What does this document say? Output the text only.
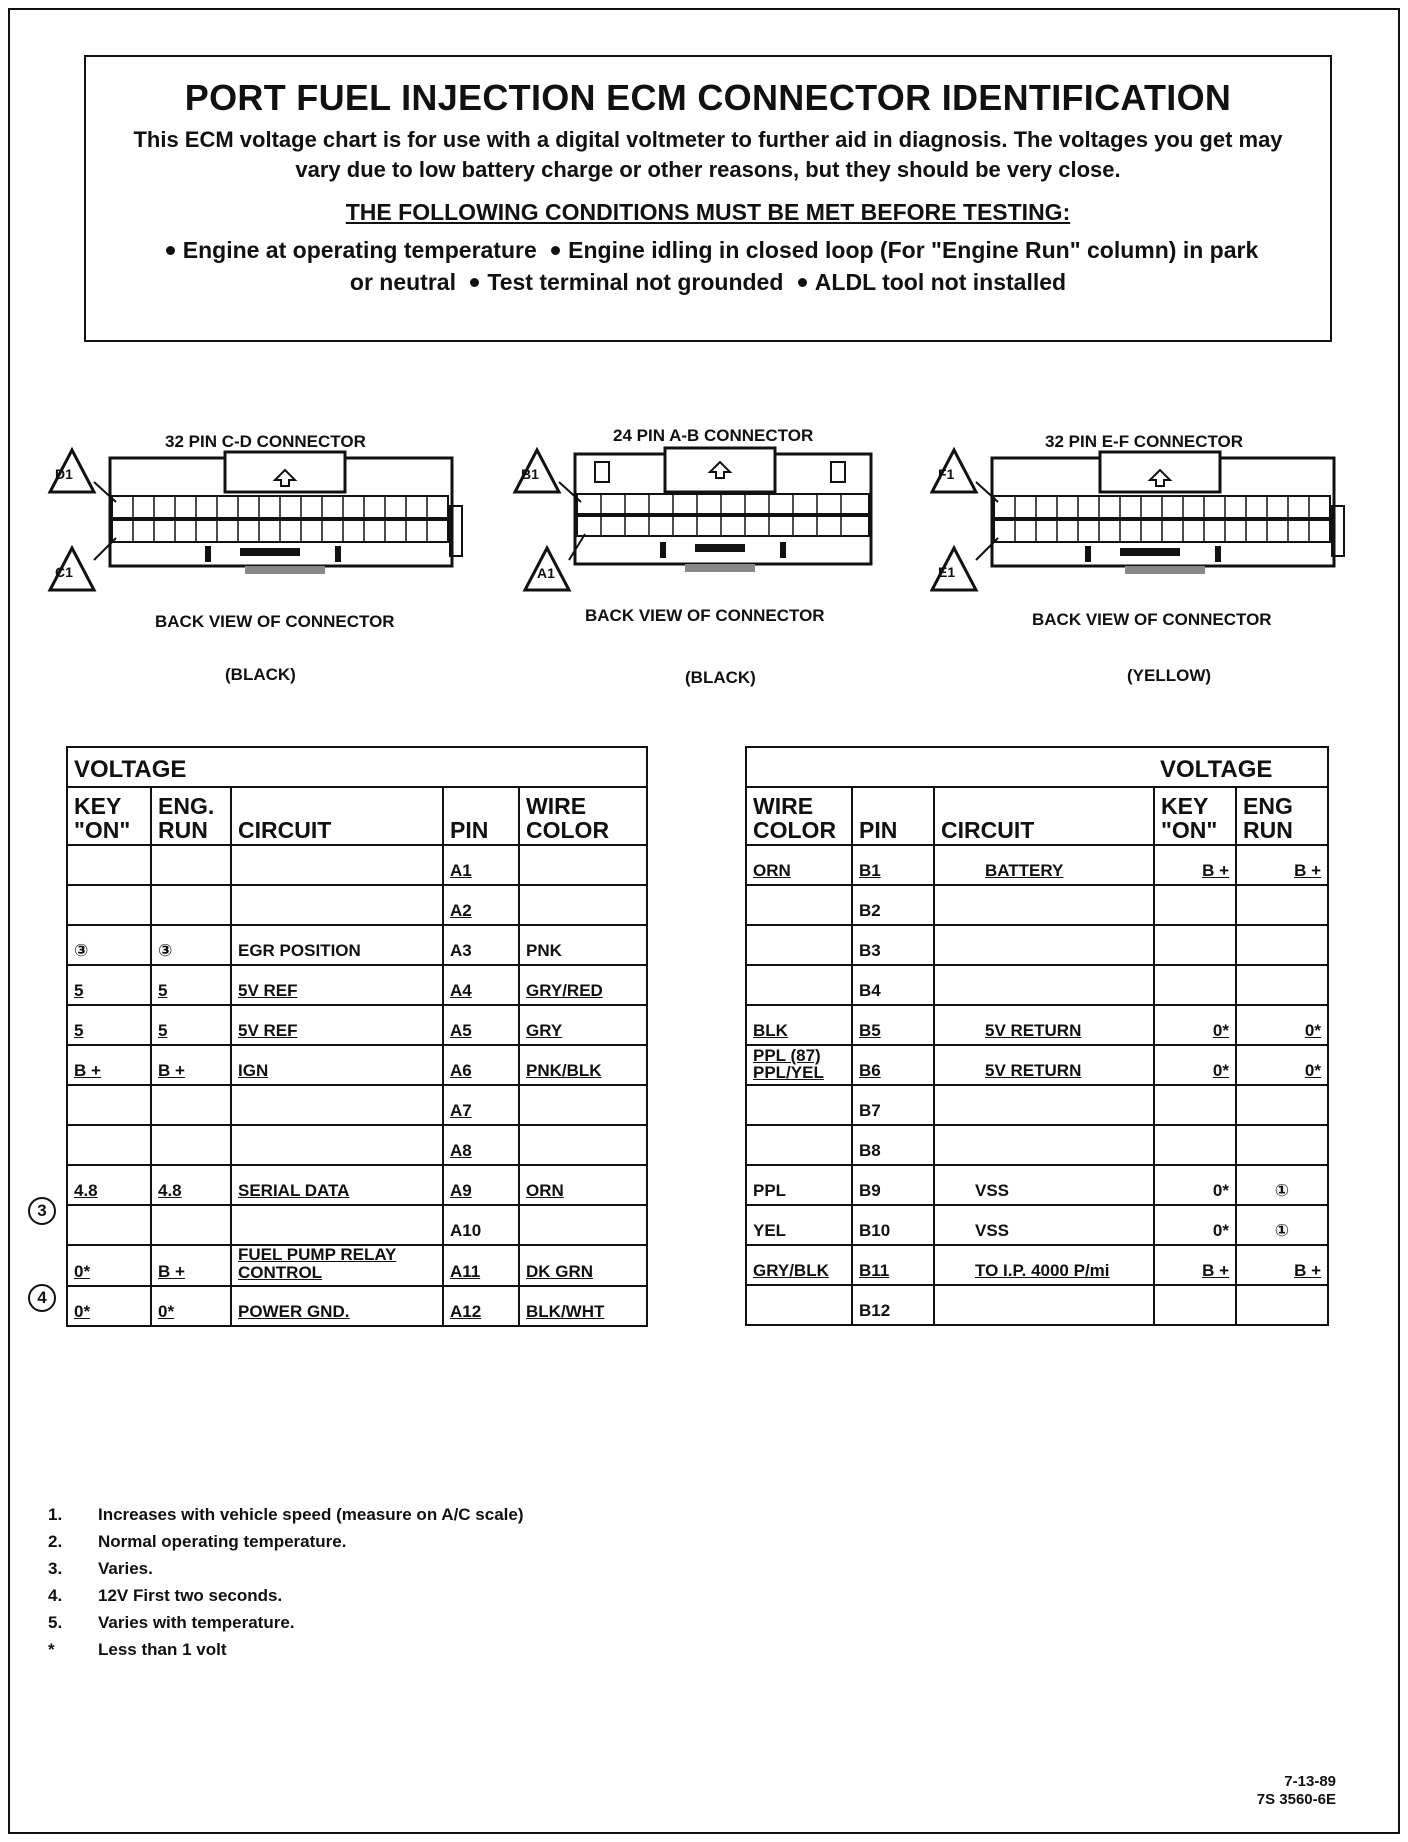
PORT FUEL INJECTION ECM CONNECTOR IDENTIFICATION
This ECM voltage chart is for use with a digital voltmeter to further aid in diagnosis. The voltages you get may vary due to low battery charge or other reasons, but they should be very close.
THE FOLLOWING CONDITIONS MUST BE MET BEFORE TESTING:
Engine at operating temperature Engine idling in closed loop (For "Engine Run" column) in park or neutral Test terminal not grounded ALDL tool not installed
32 PIN C-D CONNECTOR
D1
C1
BACK VIEW OF CONNECTOR
(BLACK)
24 PIN A-B CONNECTOR
B1
A1
BACK VIEW OF CONNECTOR
(BLACK)
32 PIN E-F CONNECTOR
F1
E1
BACK VIEW OF CONNECTOR
(YELLOW)
VOLTAGE				
KEY "ON"	ENG. RUN	CIRCUIT	PIN	WIRE COLOR
			A1	
			A2	
③	③	EGR POSITION	A3	PNK
5	5	5V REF	A4	GRY/RED
5	5	5V REF	A5	GRY
B +	B +	IGN	A6	PNK/BLK
			A7	
			A8	
4.8	4.8	SERIAL DATA	A9	ORN
			A10	
0*	B +	FUEL PUMP RELAY CONTROL	A11	DK GRN
0*	0*	POWER GND.	A12	BLK/WHT
3
4
			VOLTAGE	
WIRE COLOR	PIN	CIRCUIT	KEY "ON"	ENG RUN
ORN	B1	BATTERY	B +	B +
	B2			
	B3			
	B4			
BLK	B5	5V RETURN	0*	0*
PPL (87) PPL/YEL	B6	5V RETURN	0*	0*
	B7			
	B8			
PPL	B9	VSS	0*	①
YEL	B10	VSS	0*	①
GRY/BLK	B11	TO I.P. 4000 P/mi	B +	B +
	B12			
1.	Increases with vehicle speed (measure on A/C scale)
2.	Normal operating temperature.
3.	Varies.
4.	12V First two seconds.
5.	Varies with temperature.
*	Less than 1 volt
7-13-89
7S 3560-6E
